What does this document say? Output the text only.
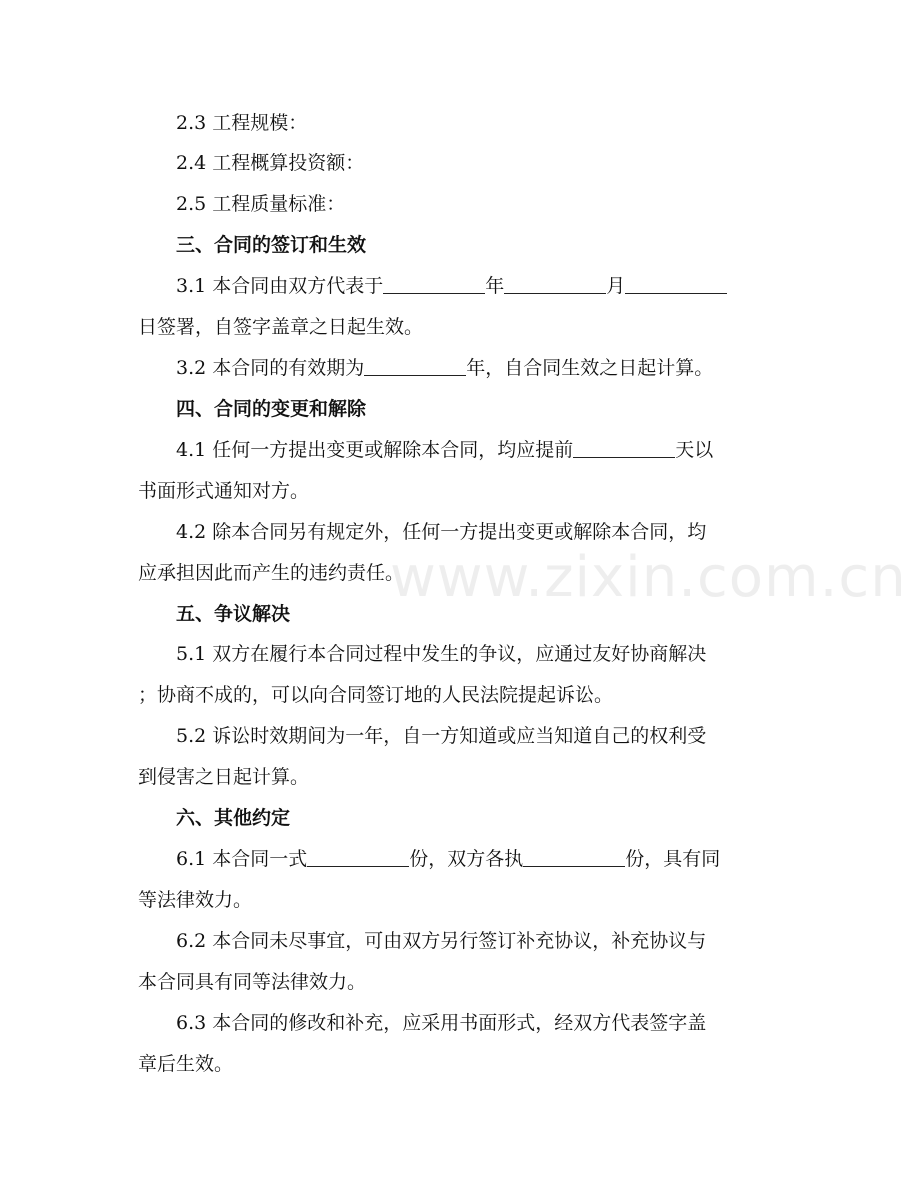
2.3 工程规模：
2.4 工程概算投资额：
2.5 工程质量标准：
三、合同的签订和生效
3.1 本合同由双方代表于	年	月
日签署，自签字盖章之日起生效。
3.2 本合同的有效期为	年，自合同生效之日起计算。
四、合同的变更和解除
4.1 任何一方提出变更或解除本合同，均应提前	天以
书面形式通知对方。
4.2 除本合同另有规定外，任何一方提出变更或解除本合同，均
应承担因此而产生的违约责任。
五、争议解决
5.1 双方在履行本合同过程中发生的争议，应通过友好协商解决
；协商不成的，可以向合同签订地的人民法院提起诉讼。
5.2 诉讼时效期间为一年，自一方知道或应当知道自己的权利受
到侵害之日起计算。
六、其他约定
6.1 本合同一式	份，双方各执	份，具有同
等法律效力。
6.2 本合同未尽事宜，可由双方另行签订补充协议，补充协议与
本合同具有同等法律效力。
6.3 本合同的修改和补充，应采用书面形式，经双方代表签字盖
章后生效。
www.zixin.com.cn
